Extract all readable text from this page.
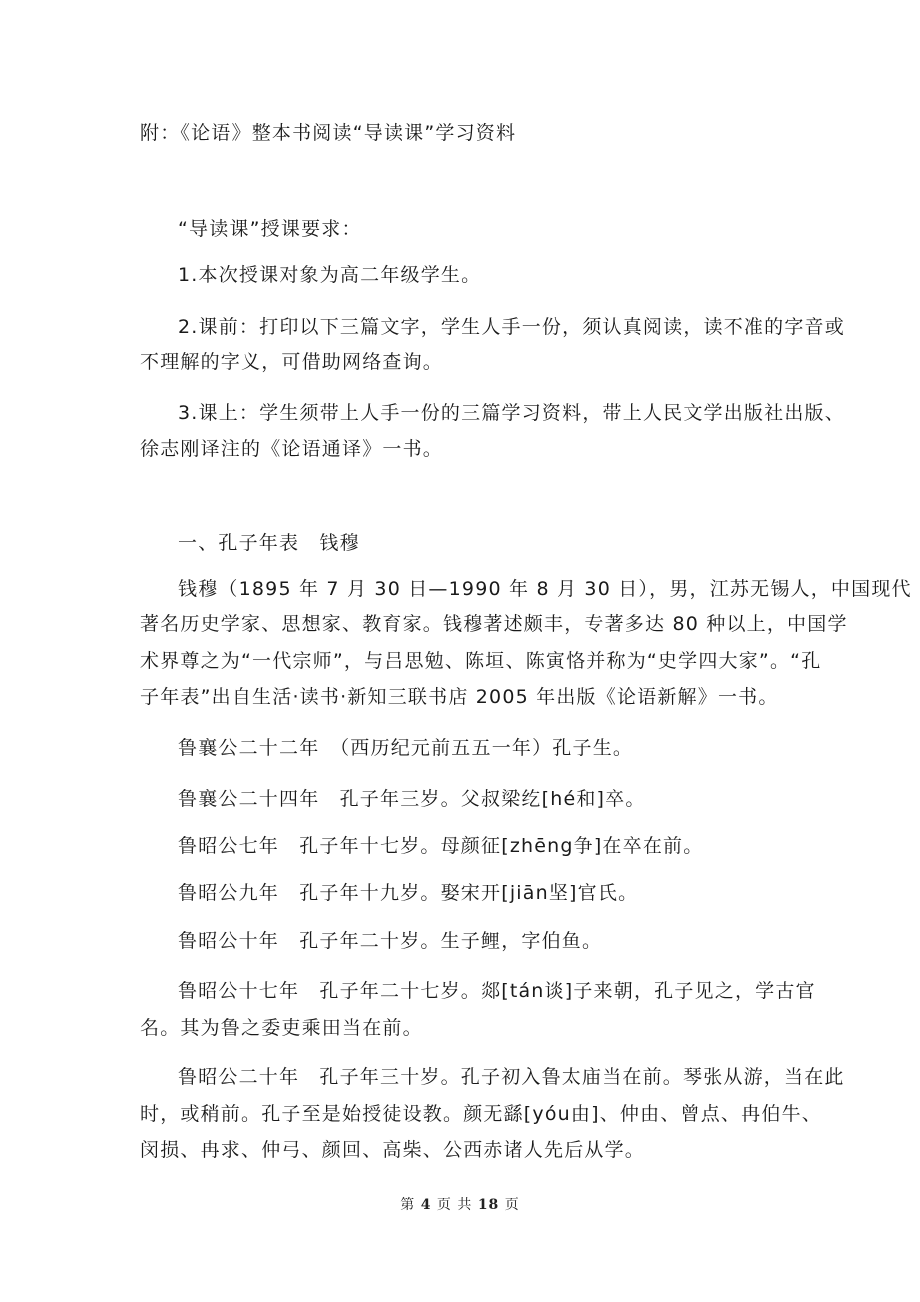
附：《论语》整本书阅读“导读课”学习资料
“导读课”授课要求：
1.本次授课对象为高二年级学生。
2.课前：打印以下三篇文字，学生人手一份，须认真阅读，读不准的字音或
不理解的字义，可借助网络查询。
3.课上：学生须带上人手一份的三篇学习资料，带上人民文学出版社出版、
徐志刚译注的《论语通译》一书。
一、孔子年表　钱穆
钱穆（1895 年 7 月 30 日—1990 年 8 月 30 日），男，江苏无锡人，中国现代
著名历史学家、思想家、教育家。钱穆著述颇丰，专著多达 80 种以上，中国学
术界尊之为“一代宗师”，与吕思勉、陈垣、陈寅恪并称为“史学四大家”。“孔
子年表”出自生活·读书·新知三联书店 2005 年出版《论语新解》一书。
鲁襄公二十二年　（西历纪元前五五一年）孔子生。
鲁襄公二十四年　孔子年三岁。父叔梁纥[hé和]卒。
鲁昭公七年　孔子年十七岁。母颜征[zhēng争]在卒在前。
鲁昭公九年　孔子年十九岁。娶宋开[jiān坚]官氏。
鲁昭公十年　孔子年二十岁。生子鲤，字伯鱼。
鲁昭公十七年　孔子年二十七岁。郯[tán谈]子来朝，孔子见之，学古官
名。其为鲁之委吏乘田当在前。
鲁昭公二十年　孔子年三十岁。孔子初入鲁太庙当在前。琴张从游，当在此
时，或稍前。孔子至是始授徒设教。颜无繇[yóu由]、仲由、曾点、冉伯牛、
闵损、冉求、仲弓、颜回、高柴、公西赤诸人先后从学。
第 4 页 共 18 页
